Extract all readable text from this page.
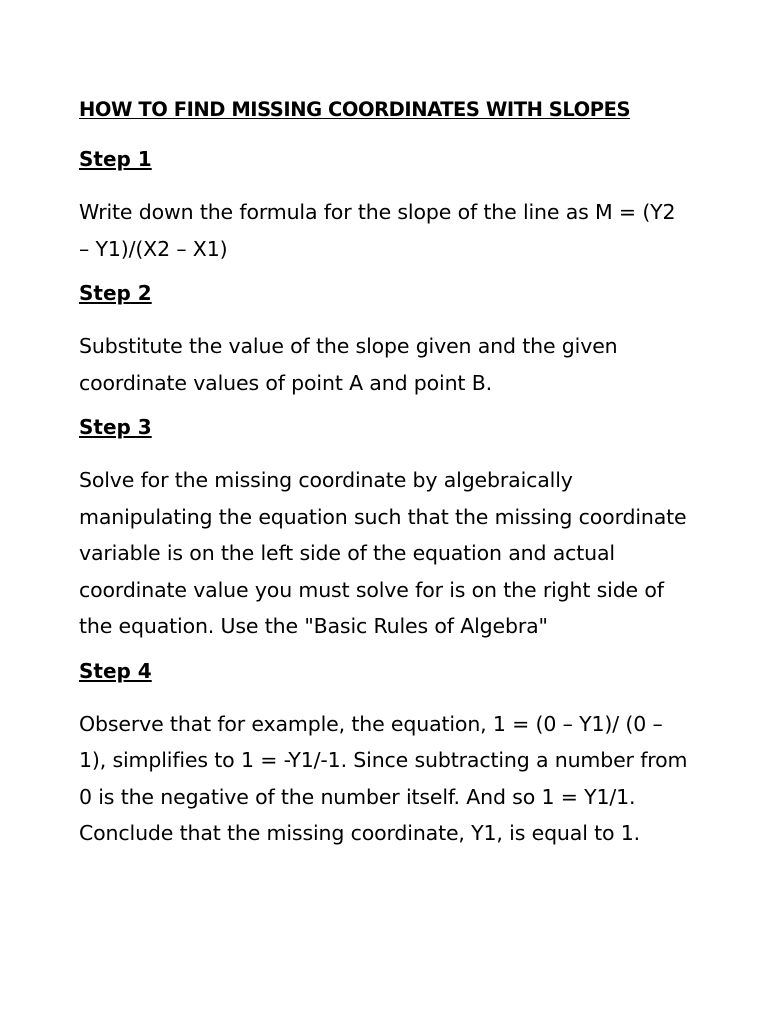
HOW TO FIND MISSING COORDINATES WITH SLOPES
Step 1

Write down the formula for the slope of the line as M = (Y2 – Y1)/(X2 – X1)

Step 2

Substitute the value of the slope given and the given coordinate values of point A and point B.

Step 3

Solve for the missing coordinate by algebraically manipulating the equation such that the missing coordinate variable is on the left side of the equation and actual coordinate value you must solve for is on the right side of the equation. Use the "Basic Rules of Algebra"

Step 4

Observe that for example, the equation, 1 = (0 – Y1)/ (0 – 1), simplifies to 1 = -Y1/-1. Since subtracting a number from 0 is the negative of the number itself. And so 1 = Y1/1. Conclude that the missing coordinate, Y1, is equal to 1.
